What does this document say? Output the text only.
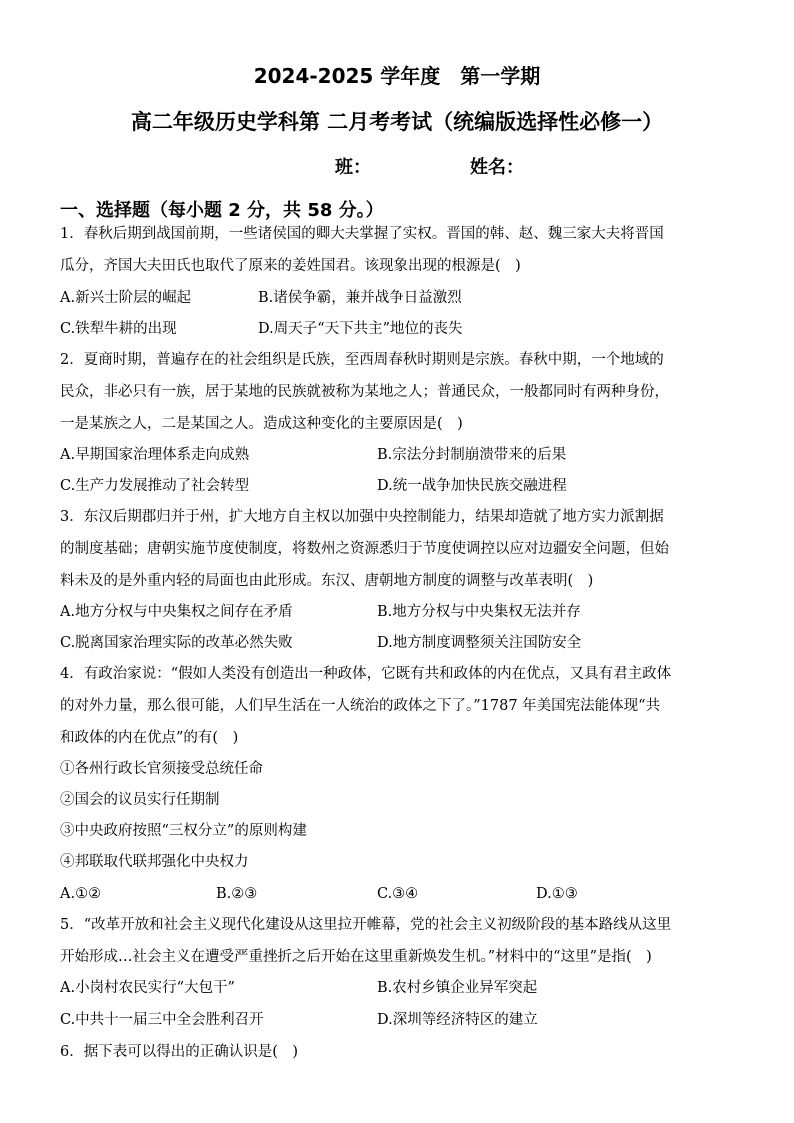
2024-2025 学年度　第一学期
高二年级历史学科第 二月考考试（统编版选择性必修一）
班：	姓名：
一、选择题（每小题 2 分，共 58 分。）
1．春秋后期到战国前期，一些诸侯国的卿大夫掌握了实权。晋国的韩、赵、魏三家大夫将晋国
瓜分，齐国大夫田氏也取代了原来的姜姓国君。该现象出现的根源是(　)
A.新兴士阶层的崛起	B.诸侯争霸，兼并战争日益激烈
C.铁犁牛耕的出现	D.周天子“天下共主”地位的丧失
2．夏商时期，普遍存在的社会组织是氏族，至西周春秋时期则是宗族。春秋中期，一个地域的
民众，非必只有一族，居于某地的民族就被称为某地之人；普通民众，一般都同时有两种身份，
一是某族之人，二是某国之人。造成这种变化的主要原因是(　)
A.早期国家治理体系走向成熟	B.宗法分封制崩溃带来的后果
C.生产力发展推动了社会转型	D.统一战争加快民族交融进程
3．东汉后期郡归并于州，扩大地方自主权以加强中央控制能力，结果却造就了地方实力派割据
的制度基础；唐朝实施节度使制度，将数州之资源悉归于节度使调控以应对边疆安全问题，但始
料未及的是外重内轻的局面也由此形成。东汉、唐朝地方制度的调整与改革表明(　)
A.地方分权与中央集权之间存在矛盾	B.地方分权与中央集权无法并存
C.脱离国家治理实际的改革必然失败	D.地方制度调整须关注国防安全
4．有政治家说：“假如人类没有创造出一种政体，它既有共和政体的内在优点，又具有君主政体
的对外力量，那么很可能，人们早生活在一人统治的政体之下了。”1787 年美国宪法能体现“共
和政体的内在优点”的有(　)
①各州行政长官须接受总统任命
②国会的议员实行任期制
③中央政府按照“三权分立”的原则构建
④邦联取代联邦强化中央权力
A.①②	B.②③	C.③④	D.①③
5．“改革开放和社会主义现代化建设从这里拉开帷幕，党的社会主义初级阶段的基本路线从这里
开始形成…社会主义在遭受严重挫折之后开始在这里重新焕发生机。”材料中的“这里”是指(　)
A.小岗村农民实行“大包干”	B.农村乡镇企业异军突起
C.中共十一届三中全会胜利召开	D.深圳等经济特区的建立
6．据下表可以得出的正确认识是(　)
